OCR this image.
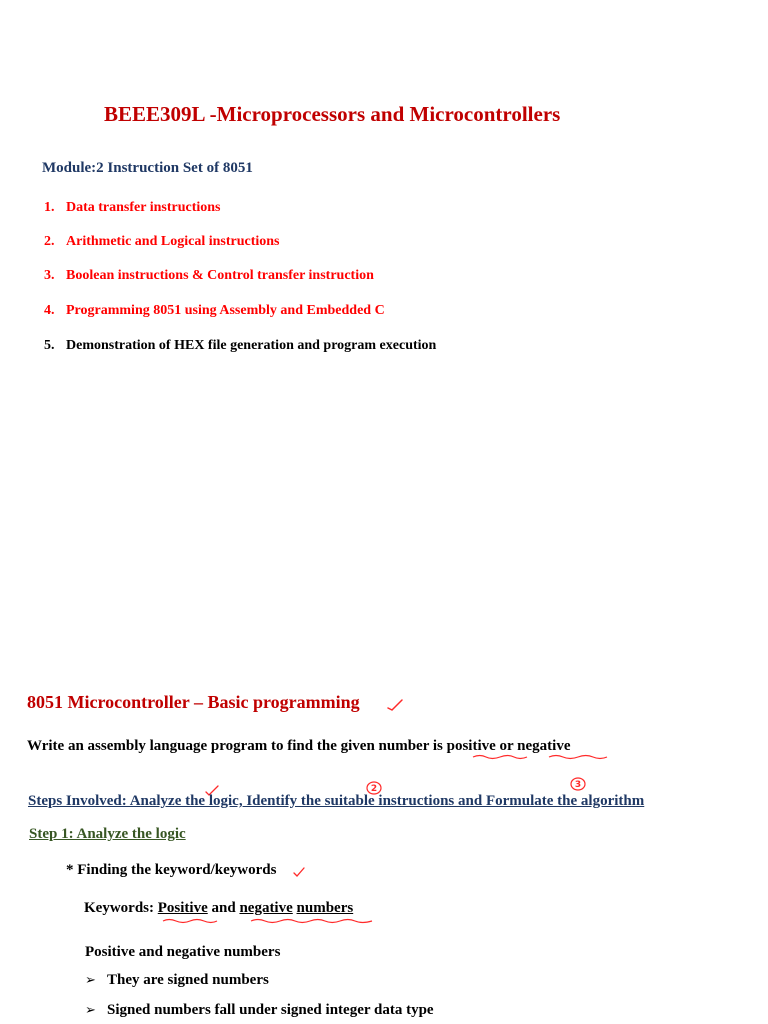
BEEE309L -Microprocessors and Microcontrollers
Module:2 Instruction Set of 8051
1. Data transfer instructions
2. Arithmetic and Logical instructions
3. Boolean instructions & Control transfer instruction
4. Programming 8051 using Assembly and Embedded C
5. Demonstration of HEX file generation and program execution
8051 Microcontroller – Basic programming
Write an assembly language program to find the given number is positive or negative
2	3
Steps Involved: Analyze the logic, Identify the suitable instructions and Formulate the algorithm
Step 1: Analyze the logic
* Finding the keyword/keywords
Keywords: Positive and negative numbers
Positive and negative numbers
➢ They are signed numbers
➢ Signed numbers fall under signed integer data type
